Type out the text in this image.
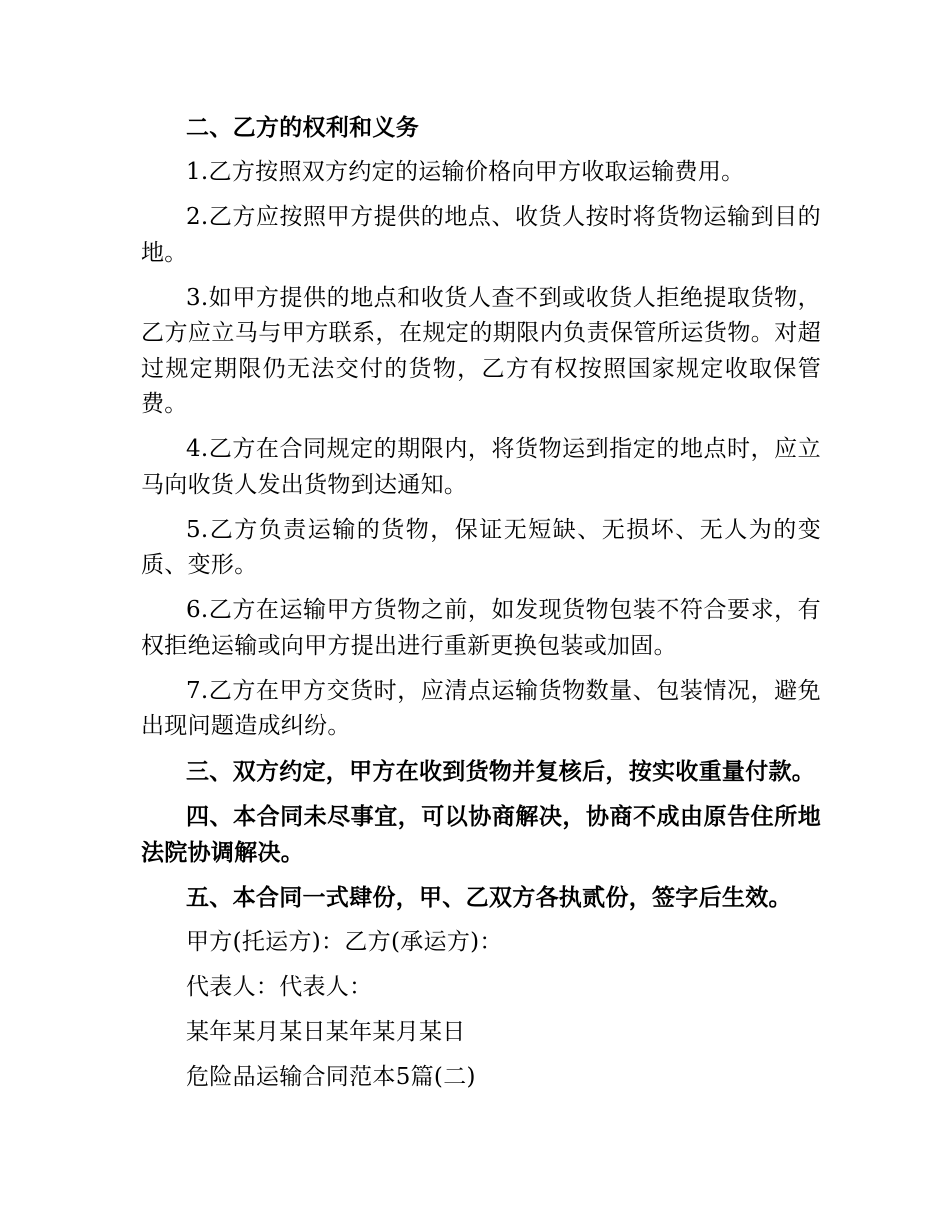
二、乙方的权利和义务

1.乙方按照双方约定的运输价格向甲方收取运输费用。

2.乙方应按照甲方提供的地点、收货人按时将货物运输到目的地。

3.如甲方提供的地点和收货人查不到或收货人拒绝提取货物，乙方应立马与甲方联系，在规定的期限内负责保管所运货物。对超过规定期限仍无法交付的货物，乙方有权按照国家规定收取保管费。

4.乙方在合同规定的期限内，将货物运到指定的地点时，应立马向收货人发出货物到达通知。

5.乙方负责运输的货物，保证无短缺、无损坏、无人为的变质、变形。

6.乙方在运输甲方货物之前，如发现货物包装不符合要求，有权拒绝运输或向甲方提出进行重新更换包装或加固。

7.乙方在甲方交货时，应清点运输货物数量、包装情况，避免出现问题造成纠纷。

三、双方约定，甲方在收到货物并复核后，按实收重量付款。

四、本合同未尽事宜，可以协商解决，协商不成由原告住所地法院协调解决。

五、本合同一式肆份，甲、乙双方各执贰份，签字后生效。

甲方(托运方)：乙方(承运方)：

代表人：代表人：

某年某月某日某年某月某日

危险品运输合同范本5篇(二)
